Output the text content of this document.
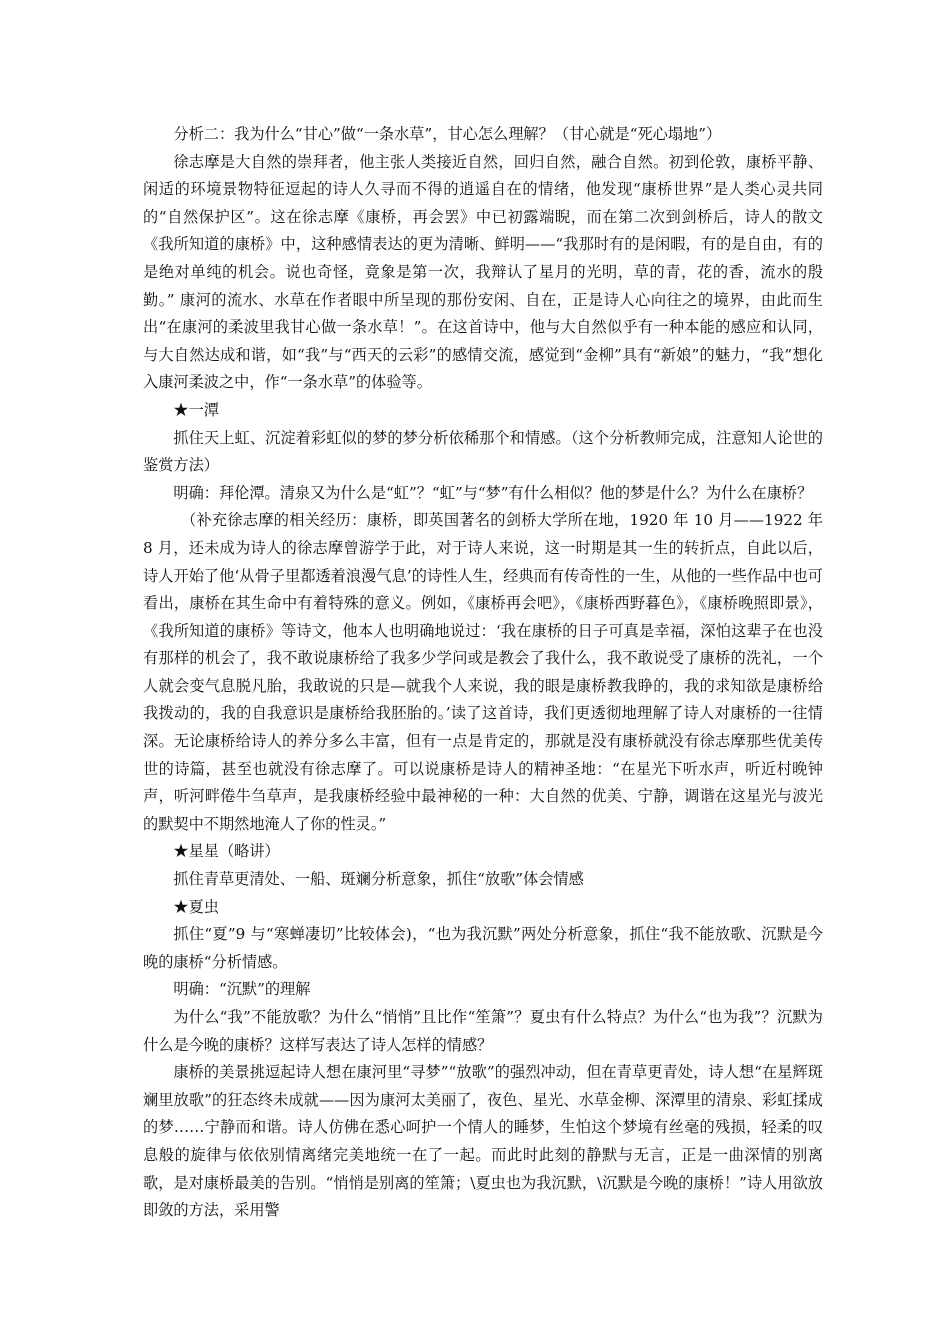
分析二：我为什么“甘心”做“一条水草”，甘心怎么理解？（甘心就是“死心塌地”）

徐志摩是大自然的崇拜者，他主张人类接近自然，回归自然，融合自然。初到伦敦，康桥平静、闲适的环境景物特征逗起的诗人久寻而不得的逍遥自在的情绪，他发现“康桥世界”是人类心灵共同的“自然保护区”。这在徐志摩《康桥，再会罢》中已初露端睨，而在第二次到剑桥后，诗人的散文《我所知道的康桥》中，这种感情表达的更为清晰、鲜明——“我那时有的是闲暇，有的是自由，有的是绝对单纯的机会。说也奇怪，竟象是第一次，我辩认了星月的光明，草的青，花的香，流水的殷勤。” 康河的流水、水草在作者眼中所呈现的那份安闲、自在，正是诗人心向往之的境界，由此而生出“在康河的柔波里我甘心做一条水草！”。在这首诗中，他与大自然似乎有一种本能的感应和认同，与大自然达成和谐，如“我”与“西天的云彩”的感情交流，感觉到“金柳”具有“新娘”的魅力，“我”想化入康河柔波之中，作“一条水草”的体验等。

★一潭

抓住天上虹、沉淀着彩虹似的梦的梦分析依稀那个和情感。（这个分析教师完成，注意知人论世的鉴赏方法）

明确：拜伦潭。清泉又为什么是“虹”？“虹”与“梦”有什么相似？他的梦是什么？为什么在康桥？

（补充徐志摩的相关经历：康桥，即英国著名的剑桥大学所在地，1920 年 10 月——1922 年 8 月，还未成为诗人的徐志摩曾游学于此，对于诗人来说，这一时期是其一生的转折点，自此以后，诗人开始了他‘从骨子里都透着浪漫气息’的诗性人生，经典而有传奇性的一生，从他的一些作品中也可看出，康桥在其生命中有着特殊的意义。例如，《康桥再会吧》，《康桥西野暮色》，《康桥晚照即景》，《我所知道的康桥》等诗文，他本人也明确地说过：‘我在康桥的日子可真是幸福，深怕这辈子在也没有那样的机会了，我不敢说康桥给了我多少学问或是教会了我什么，我不敢说受了康桥的洗礼，一个人就会变气息脱凡胎，我敢说的只是—就我个人来说，我的眼是康桥教我睁的，我的求知欲是康桥给我拨动的，我的自我意识是康桥给我胚胎的。’读了这首诗，我们更透彻地理解了诗人对康桥的一往情深。无论康桥给诗人的养分多么丰富，但有一点是肯定的，那就是没有康桥就没有徐志摩那些优美传世的诗篇，甚至也就没有徐志摩了。可以说康桥是诗人的精神圣地：“在星光下听水声，听近村晚钟声，听河畔倦牛刍草声，是我康桥经验中最神秘的一种：大自然的优美、宁静，调谐在这星光与波光的默契中不期然地淹人了你的性灵。”

★星星（略讲）

抓住青草更清处、一船、斑斓分析意象，抓住“放歌”体会情感

★夏虫

抓住“夏”9 与“寒蝉凄切”比较体会)，“也为我沉默”两处分析意象，抓住“我不能放歌、沉默是今晚的康桥“分析情感。

明确：“沉默”的理解

为什么“我”不能放歌？为什么“悄悄”且比作“笙箫”？夏虫有什么特点？为什么“也为我”？沉默为什么是今晚的康桥？这样写表达了诗人怎样的情感？

康桥的美景挑逗起诗人想在康河里“寻梦”“放歌”的强烈冲动，但在青草更青处，诗人想“在星辉斑斓里放歌”的狂态终未成就——因为康河太美丽了，夜色、星光、水草金柳、深潭里的清泉、彩虹揉成的梦……宁静而和谐。诗人仿佛在悉心呵护一个情人的睡梦，生怕这个梦境有丝毫的残损，轻柔的叹息般的旋律与依依别情离绪完美地统一在了一起。而此时此刻的静默与无言，正是一曲深情的别离歌，是对康桥最美的告别。“悄悄是别离的笙箫；\夏虫也为我沉默，\沉默是今晚的康桥！”诗人用欲放即敛的方法，采用警
